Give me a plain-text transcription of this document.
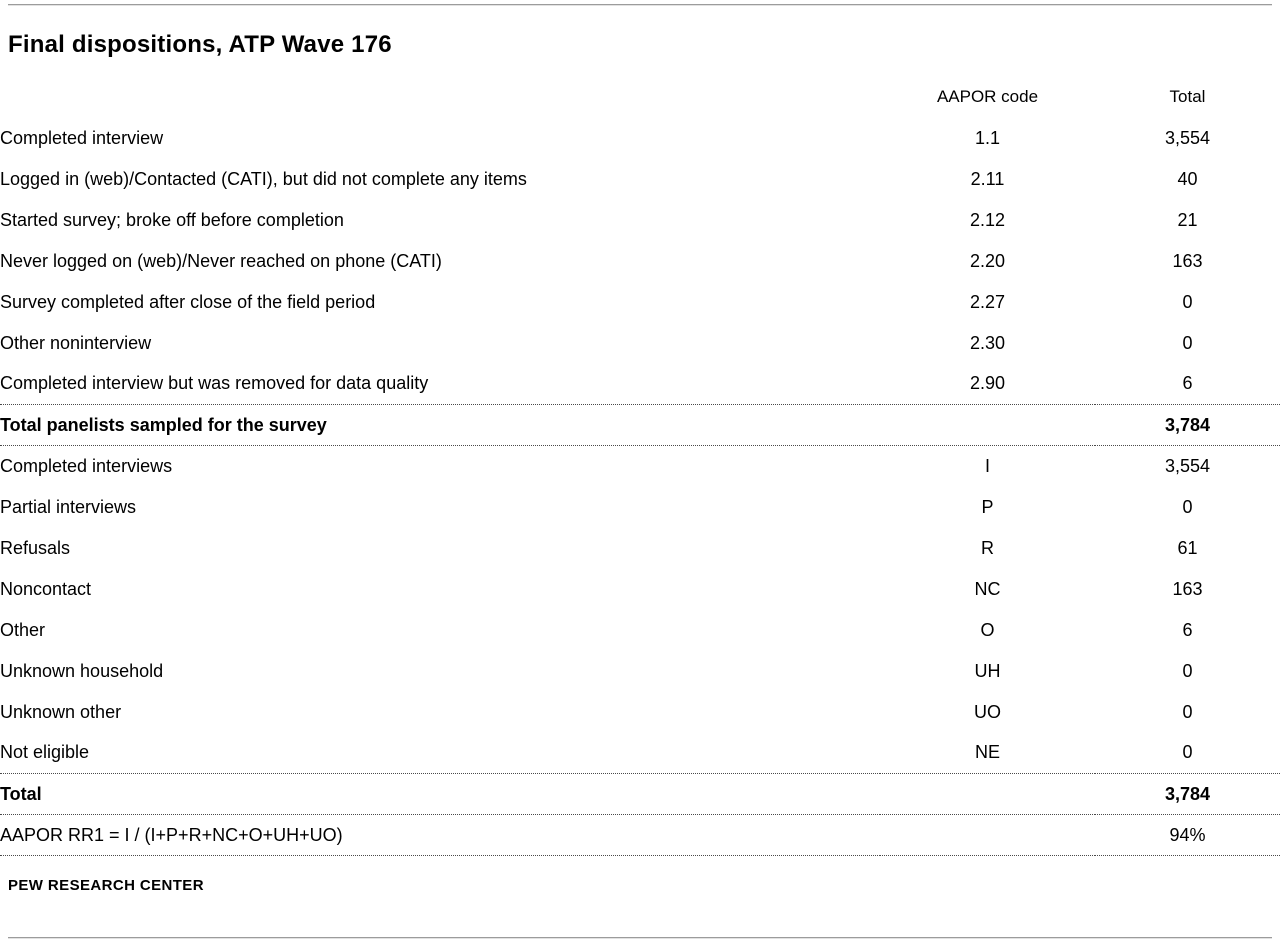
Final dispositions, ATP Wave 176
	AAPOR code	Total
Completed interview	1.1	3,554
Logged in (web)/Contacted (CATI), but did not complete any items	2.11	40
Started survey; broke off before completion	2.12	21
Never logged on (web)/Never reached on phone (CATI)	2.20	163
Survey completed after close of the field period	2.27	0
Other noninterview	2.30	0
Completed interview but was removed for data quality	2.90	6
Total panelists sampled for the survey		3,784
Completed interviews	I	3,554
Partial interviews	P	0
Refusals	R	61
Noncontact	NC	163
Other	O	6
Unknown household	UH	0
Unknown other	UO	0
Not eligible	NE	0
Total		3,784
AAPOR RR1 = I / (I+P+R+NC+O+UH+UO)		94%
PEW RESEARCH CENTER
